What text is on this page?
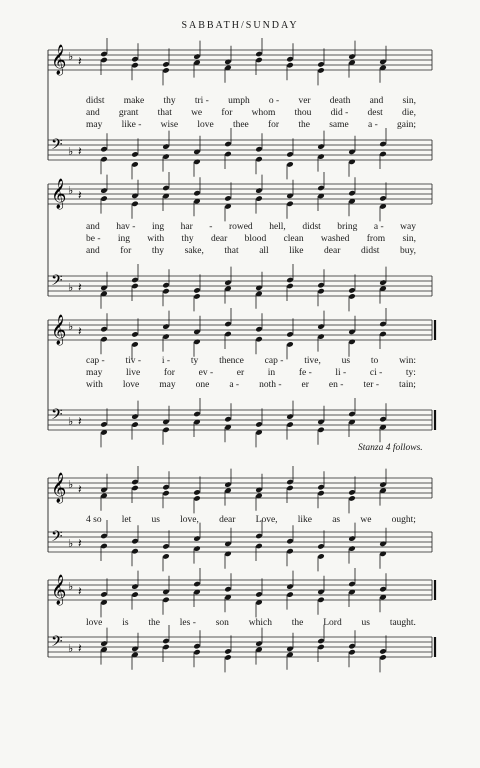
SABBATH/SUNDAY
𝄞 ♭ 𝄽
𝄢 ♭ 𝄽
𝄞 ♭ 𝄽
𝄢 ♭ 𝄽
𝄞 ♭ 𝄽
𝄢 ♭ 𝄽
𝄞 ♭ 𝄽
𝄢 ♭ 𝄽
𝄞 ♭ 𝄽
𝄢 ♭ 𝄽
didst make thy tri - umph o - ver death and sin,
and grant that we for whom thou did - dest die,
may like - wise love thee for the same a - gain;
and hav - ing har - rowed hell, didst bring a - way
be - ing with thy dear blood clean washed from sin,
and for thy sake, that all like dear didst buy,
cap - tiv - i - ty thence cap - tive, us to win:
may live for ev - er in fe - li - ci - ty:
with love may one a - noth - er en - ter - tain;
4 so let us love, dear Love, like as we ought;
love is the les - son which the Lord us taught.
Stanza 4 follows.
